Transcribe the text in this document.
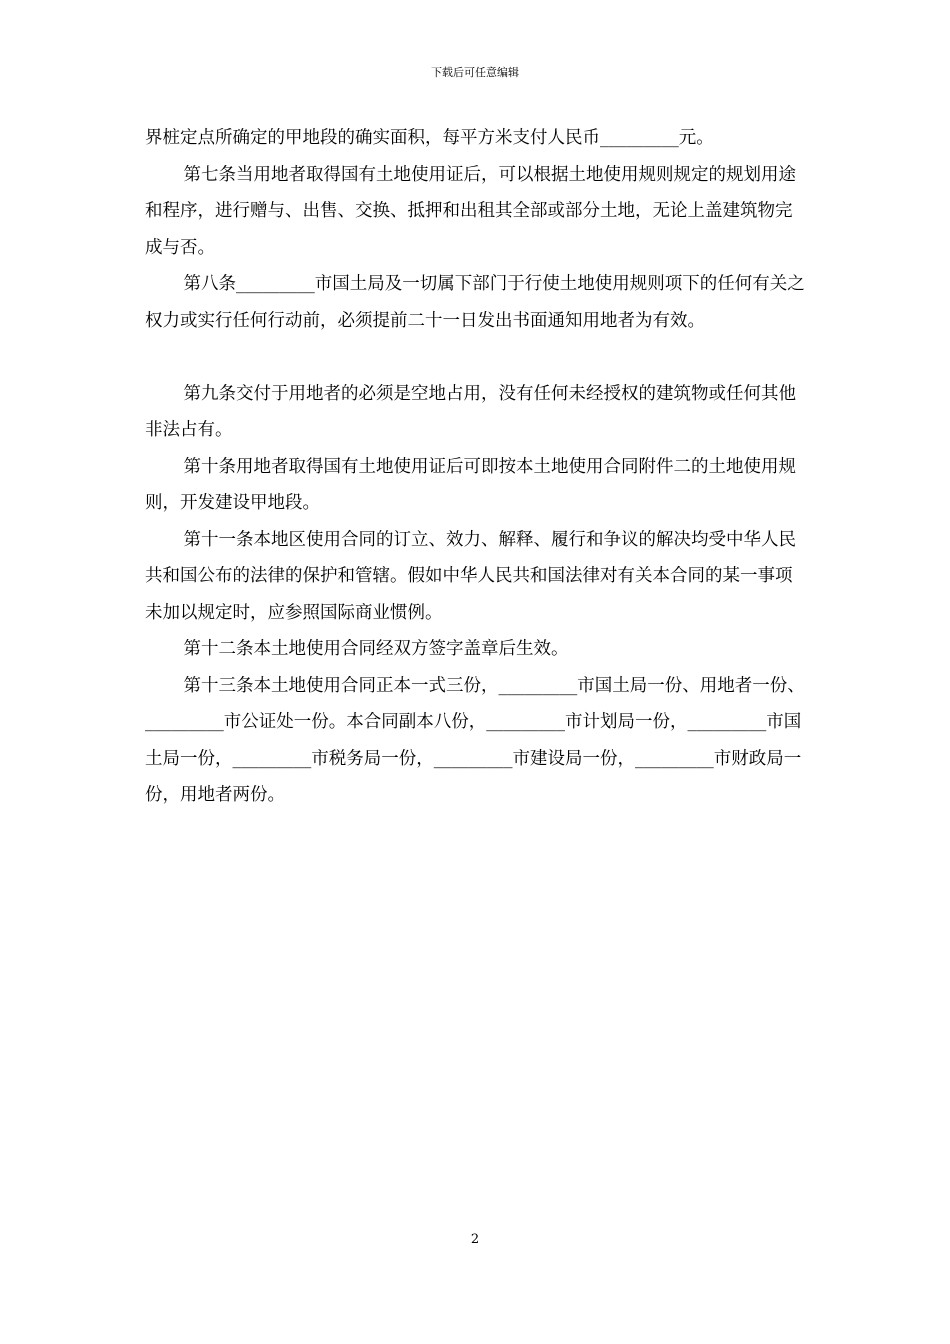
下载后可任意编辑

界桩定点所确定的甲地段的确实面积，每平方米支付人民币_________元。

第七条当用地者取得国有土地使用证后，可以根据土地使用规则规定的规划用途和程序，进行赠与、出售、交换、抵押和出租其全部或部分土地，无论上盖建筑物完成与否。

第八条_________市国土局及一切属下部门于行使土地使用规则项下的任何有关之权力或实行任何行动前，必须提前二十一日发出书面通知用地者为有效。

第九条交付于用地者的必须是空地占用，没有任何未经授权的建筑物或任何其他非法占有。

第十条用地者取得国有土地使用证后可即按本土地使用合同附件二的土地使用规则，开发建设甲地段。

第十一条本地区使用合同的订立、效力、解释、履行和争议的解决均受中华人民共和国公布的法律的保护和管辖。假如中华人民共和国法律对有关本合同的某一事项未加以规定时，应参照国际商业惯例。

第十二条本土地使用合同经双方签字盖章后生效。

第十三条本土地使用合同正本一式三份，_________市国土局一份、用地者一份、_________市公证处一份。本合同副本八份，_________市计划局一份，_________市国土局一份，_________市税务局一份，_________市建设局一份，_________市财政局一份，用地者两份。

2
